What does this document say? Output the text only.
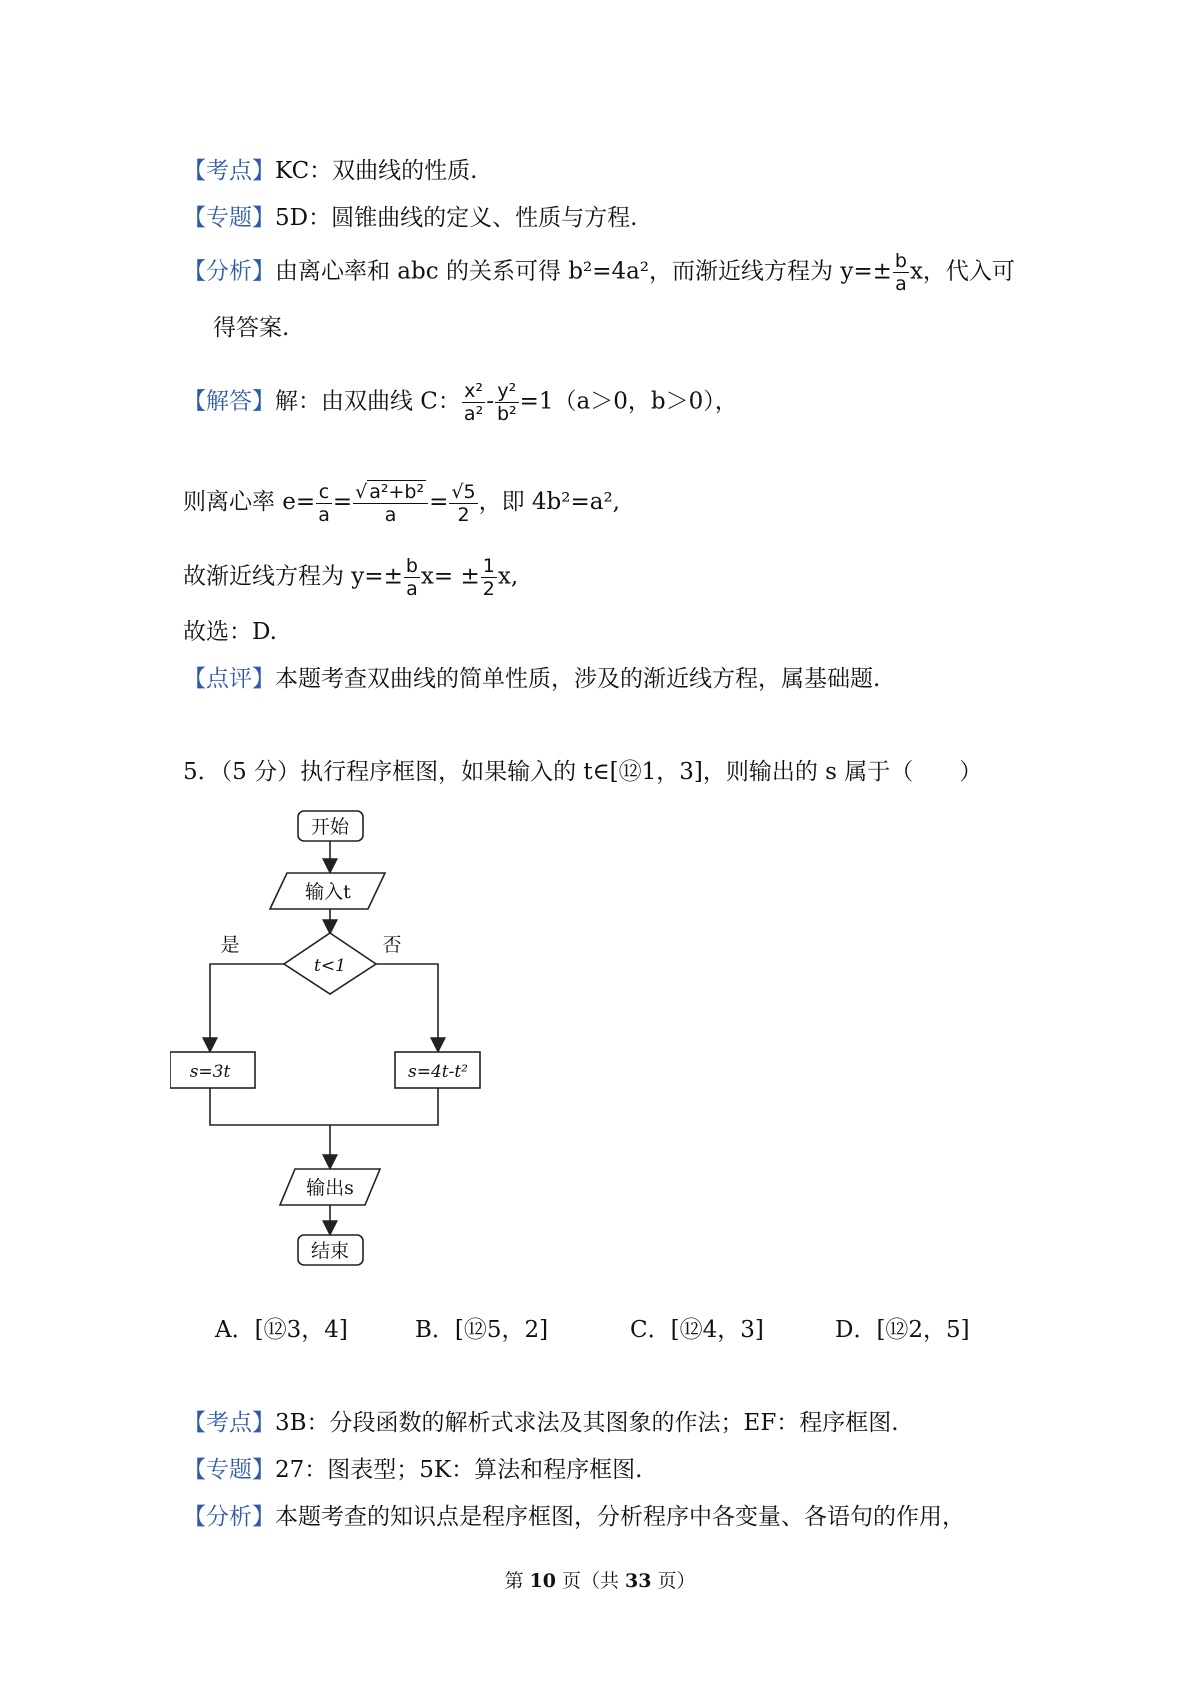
【考点】KC：双曲线的性质.
【专题】5D：圆锥曲线的定义、性质与方程.
【分析】由离心率和 abc 的关系可得 b²=4a²，而渐近线方程为 $y=\pm \frac{b}{a}$ x，代入可
得答案.
【解答】解：由双曲线 C： $\frac{\text{x²}}{\text{a²}} - \frac{\text{y²}}{\text{b²}} =1(a>0$，b＞0），
则离心率 $e= \frac{c}{a} = \frac{\text{√ a²+b²}}{a} = \frac{√5}{2}$ ，即 4b²=a²,
故渐近线方程为 $y=\pm \frac{b}{a} x= \pm \frac{1}{2} x$,
故选：D.
【点评】本题考查双曲线的简单性质，涉及的渐近线方程，属基础题.
5．（5 分）执行程序框图，如果输入的 t∈[⑫1，3]，则输出的 s 属于（　　）
开始
输入t
t<1
是	否
s=3t	s=4t-t²
输出s
结束
A．[⑫3，4]	B．[⑫5，2]	C．[⑫4，3]	D．[⑫2，5]
【考点】3B：分段函数的解析式求法及其图象的作法；EF：程序框图.
【专题】27：图表型；5K：算法和程序框图.
【分析】本题考查的知识点是程序框图，分析程序中各变量、各语句的作用，
第 10 页（共 33 页）
